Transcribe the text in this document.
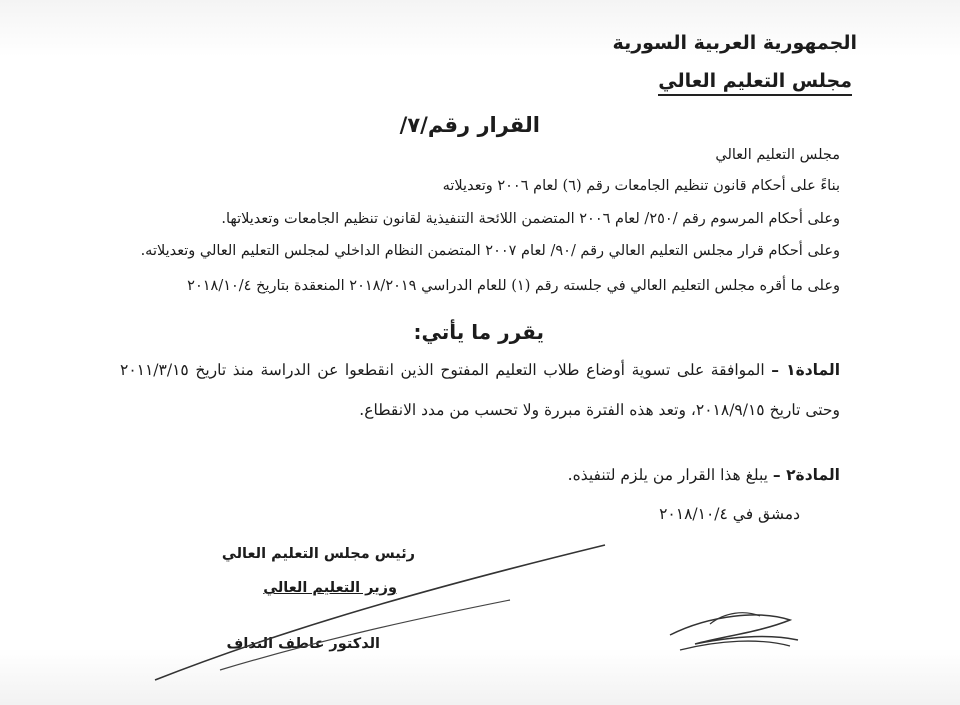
الجمهورية العربية السورية
مجلس التعليم العالي
القرار رقم/٧/
مجلس التعليم العالي
بناءً على أحكام قانون تنظيم الجامعات رقم (٦) لعام ٢٠٠٦ وتعديلاته
وعلى أحكام المرسوم رقم /٢٥٠/ لعام ٢٠٠٦ المتضمن اللائحة التنفيذية لقانون تنظيم الجامعات وتعديلاتها.
وعلى أحكام قرار مجلس التعليم العالي رقم /٩٠/ لعام ٢٠٠٧ المتضمن النظام الداخلي لمجلس التعليم العالي وتعديلاته.
وعلى ما أقره مجلس التعليم العالي في جلسته رقم (١) للعام الدراسي ٢٠١٨/٢٠١٩ المنعقدة بتاريخ ٢٠١٨/١٠/٤
يقرر ما يأتي:
المادة١ – الموافقة على تسوية أوضاع طلاب التعليم المفتوح الذين انقطعوا عن الدراسة منذ تاريخ ٢٠١١/٣/١٥ وحتى تاريخ ٢٠١٨/٩/١٥، وتعد هذه الفترة مبررة ولا تحسب من مدد الانقطاع.
المادة٢ – يبلغ هذا القرار من يلزم لتنفيذه.
دمشق في ٢٠١٨/١٠/٤
رئيس مجلس التعليم العالي
وزير التعليم العالي
الدكتور عاطف النداف
